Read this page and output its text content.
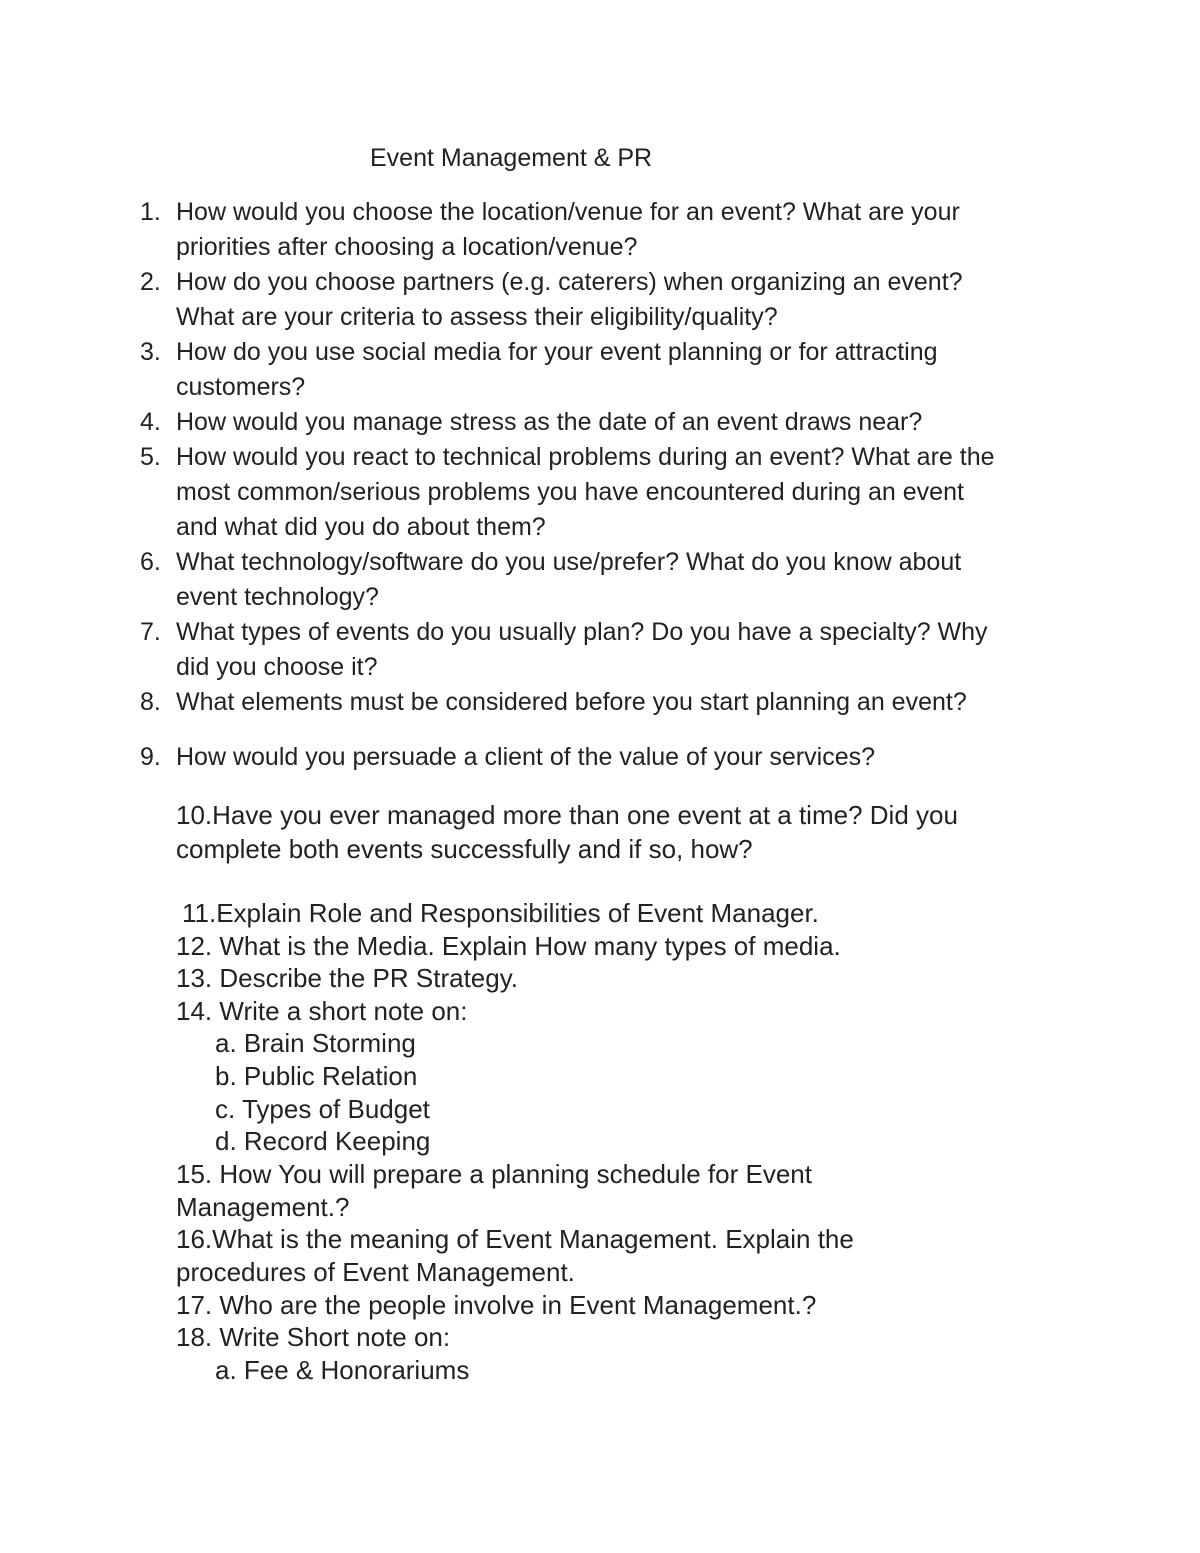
Event Management & PR
1. How would you choose the location/venue for an event? What are your
priorities after choosing a location/venue?
2. How do you choose partners (e.g. caterers) when organizing an event?
What are your criteria to assess their eligibility/quality?
3. How do you use social media for your event planning or for attracting
customers?
4. How would you manage stress as the date of an event draws near?
5. How would you react to technical problems during an event? What are the
most common/serious problems you have encountered during an event
and what did you do about them?
6. What technology/software do you use/prefer? What do you know about
event technology?
7. What types of events do you usually plan? Do you have a specialty? Why
did you choose it?
8. What elements must be considered before you start planning an event?
9. How would you persuade a client of the value of your services?
10.Have you ever managed more than one event at a time? Did you
complete both events successfully and if so, how?
11.Explain Role and Responsibilities of Event Manager.
12. What is the Media. Explain How many types of media.
13. Describe the PR Strategy.
14. Write a short note on:
a. Brain Storming
b. Public Relation
c. Types of Budget
d. Record Keeping
15. How You will prepare a planning schedule for Event
Management.?
16.What is the meaning of Event Management. Explain the
procedures of Event Management.
17. Who are the people involve in Event Management.?
18. Write Short note on:
a. Fee & Honorariums
